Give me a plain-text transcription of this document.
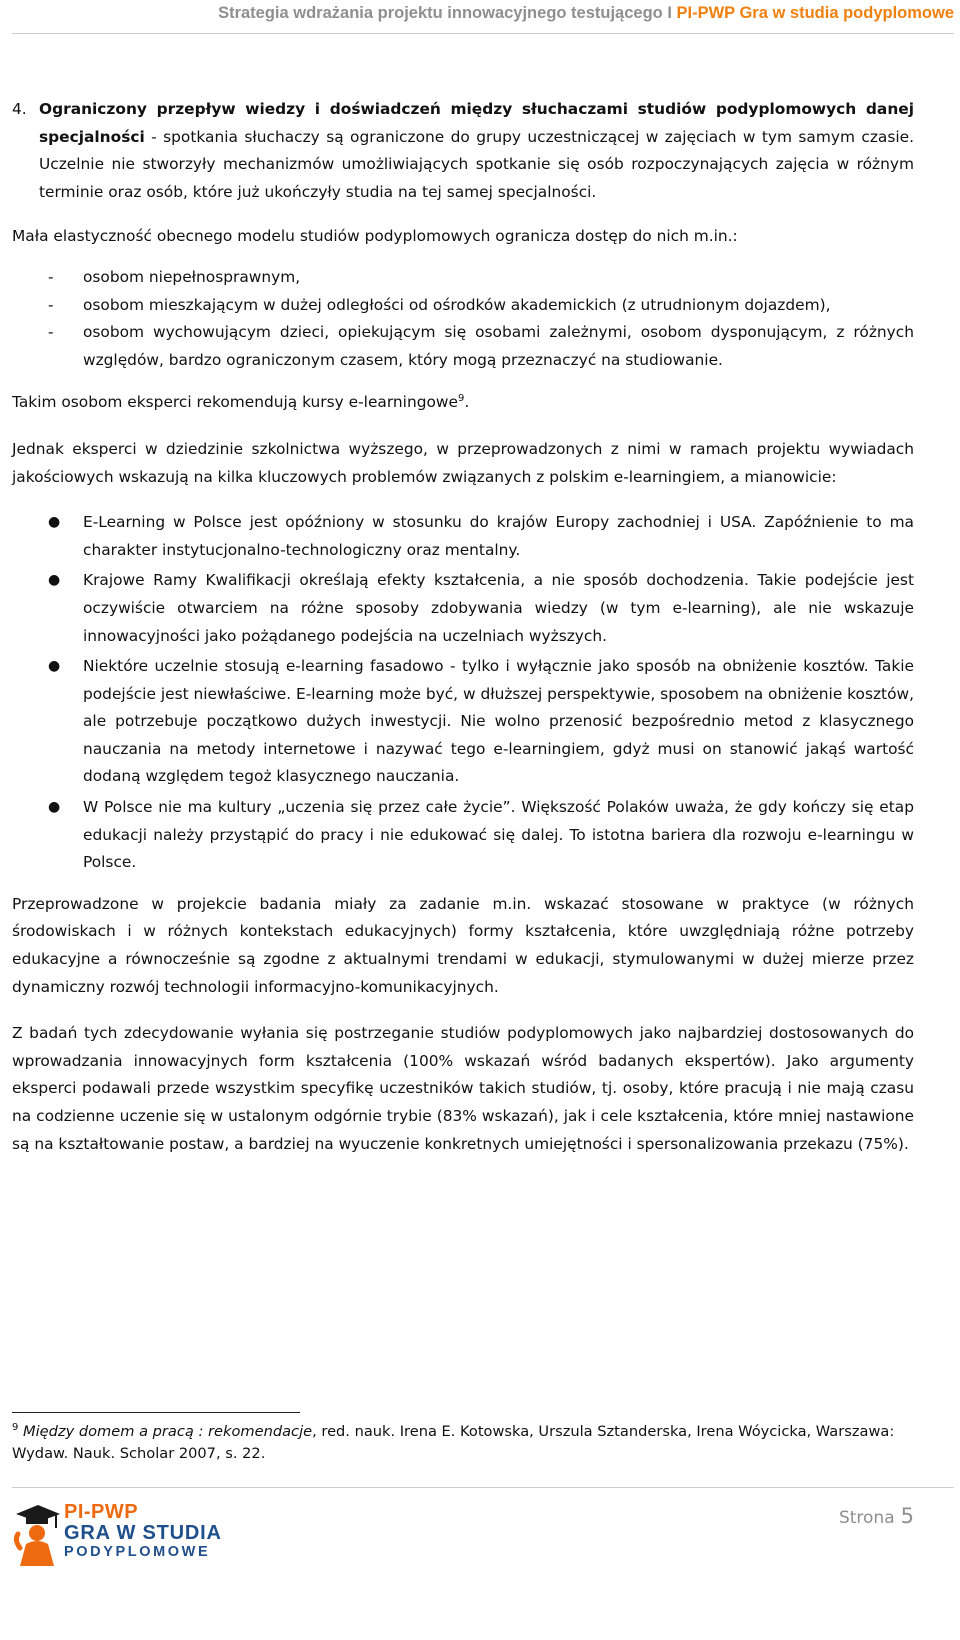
Strategia wdrażania projektu innowacyjnego testującego I PI-PWP Gra w studia podyplomowe

4. Ograniczony przepływ wiedzy i doświadczeń między słuchaczami studiów podyplomowych danej specjalności - spotkania słuchaczy są ograniczone do grupy uczestniczącej w zajęciach w tym samym czasie. Uczelnie nie stworzyły mechanizmów umożliwiających spotkanie się osób rozpoczynających zajęcia w różnym terminie oraz osób, które już ukończyły studia na tej samej specjalności.

Mała elastyczność obecnego modelu studiów podyplomowych ogranicza dostęp do nich m.in.:

- osobom niepełnosprawnym,
- osobom mieszkającym w dużej odległości od ośrodków akademickich (z utrudnionym dojazdem),
- osobom wychowującym dzieci, opiekującym się osobami zależnymi, osobom dysponującym, z różnych względów, bardzo ograniczonym czasem, który mogą przeznaczyć na studiowanie.

Takim osobom eksperci rekomendują kursy e-learningowe$^9$.

Jednak eksperci w dziedzinie szkolnictwa wyższego, w przeprowadzonych z nimi w ramach projektu wywiadach jakościowych wskazują na kilka kluczowych problemów związanych z polskim e-learningiem, a mianowicie:

● E-Learning w Polsce jest opóźniony w stosunku do krajów Europy zachodniej i USA. Zapóźnienie to ma charakter instytucjonalno-technologiczny oraz mentalny.
● Krajowe Ramy Kwalifikacji określają efekty kształcenia, a nie sposób dochodzenia. Takie podejście jest oczywiście otwarciem na różne sposoby zdobywania wiedzy (w tym e-learning), ale nie wskazuje innowacyjności jako pożądanego podejścia na uczelniach wyższych.
● Niektóre uczelnie stosują e-learning fasadowo - tylko i wyłącznie jako sposób na obniżenie kosztów. Takie podejście jest niewłaściwe. E-learning może być, w dłuższej perspektywie, sposobem na obniżenie kosztów, ale potrzebuje początkowo dużych inwestycji. Nie wolno przenosić bezpośrednio metod z klasycznego nauczania na metody internetowe i nazywać tego e-learningiem, gdyż musi on stanowić jakąś wartość dodaną względem tegoż klasycznego nauczania.
● W Polsce nie ma kultury „uczenia się przez całe życie”. Większość Polaków uważa, że gdy kończy się etap edukacji należy przystąpić do pracy i nie edukować się dalej. To istotna bariera dla rozwoju e-learningu w Polsce.

Przeprowadzone w projekcie badania miały za zadanie m.in. wskazać stosowane w praktyce (w różnych środowiskach i w różnych kontekstach edukacyjnych) formy kształcenia, które uwzględniają różne potrzeby edukacyjne a równocześnie są zgodne z aktualnymi trendami w edukacji, stymulowanymi w dużej mierze przez dynamiczny rozwój technologii informacyjno-komunikacyjnych.

Z badań tych zdecydowanie wyłania się postrzeganie studiów podyplomowych jako najbardziej dostosowanych do wprowadzania innowacyjnych form kształcenia (100% wskazań wśród badanych ekspertów). Jako argumenty eksperci podawali przede wszystkim specyfikę uczestników takich studiów, tj. osoby, które pracują i nie mają czasu na codzienne uczenie się w ustalonym odgórnie trybie (83% wskazań), jak i cele kształcenia, które mniej nastawione są na kształtowanie postaw, a bardziej na wyuczenie konkretnych umiejętności i spersonalizowania przekazu (75%).

$^9$ Między domem a pracą : rekomendacje, red. nauk. Irena E. Kotowska, Urszula Sztanderska, Irena Wóycicka, Warszawa: Wydaw. Nauk. Scholar 2007, s. 22.
PI-PWP
GRA W STUDIA
PODYPLOMOWE
Strona 5
